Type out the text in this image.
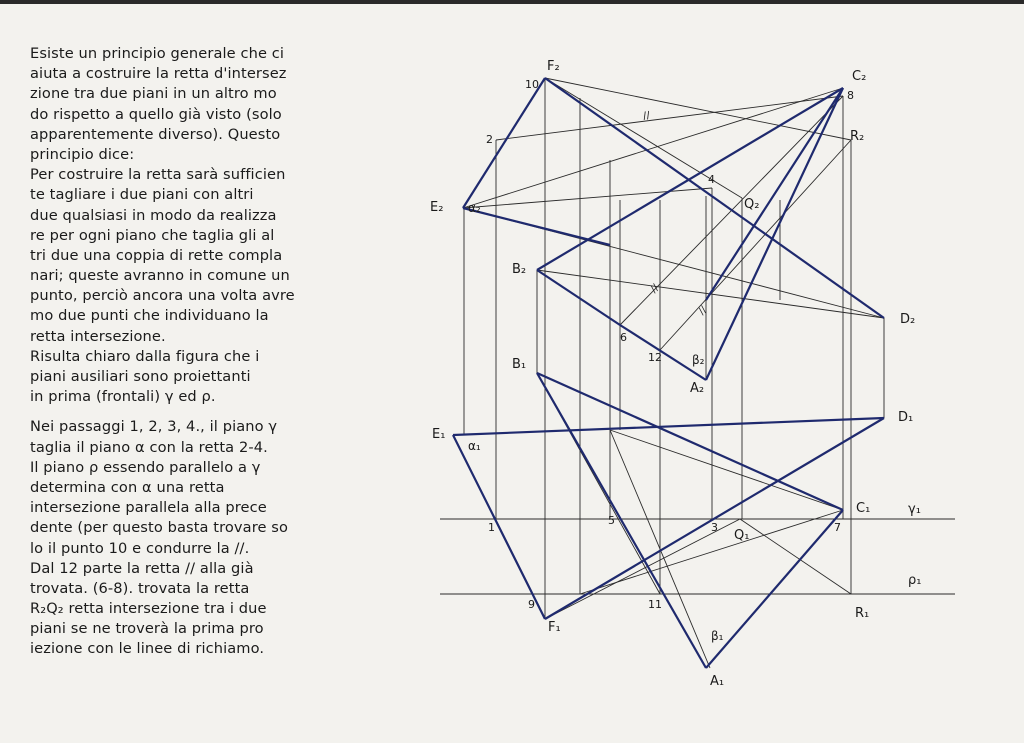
Esiste un principio generale che ci
aiuta a costruire la retta d'intersez
zione tra due piani in un altro mo
do rispetto a quello già visto (solo
apparentemente diverso). Questo
principio dice:
Per costruire la retta sarà sufficien
te tagliare i due piani con altri
due qualsiasi in modo da realizza
re per ogni piano che taglia gli al
tri due una coppia di rette compla
nari; queste avranno in comune un
punto, perciò ancora una volta avre
mo due punti che individuano la
retta intersezione.
Risulta chiaro dalla figura che i
piani ausiliari sono proiettanti
in prima (frontali) γ ed ρ.
Nei passaggi 1, 2, 3, 4., il piano γ
taglia il piano α con la retta 2-4.
Il piano ρ essendo parallelo a γ
determina con α una retta
intersezione parallela alla prece
dente (per questo basta trovare so
lo il punto 10 e condurre la //.
Dal 12 parte la retta // alla già
trovata. (6-8). trovata la retta
R₂Q₂ retta intersezione tra i due
piani se ne troverà la prima pro
iezione con le linee di richiamo.
F₂
C₂
R₂
Q₂
E₂ α₂
B₂
D₂
β₂
A₂
B₁
E₁
α₁
D₁
C₁
Q₁
F₁
R₁
β₁
A₁
γ₁
ρ₁
1
2
3
4
5
6
7
8
9
10
11
12
//
//
//
